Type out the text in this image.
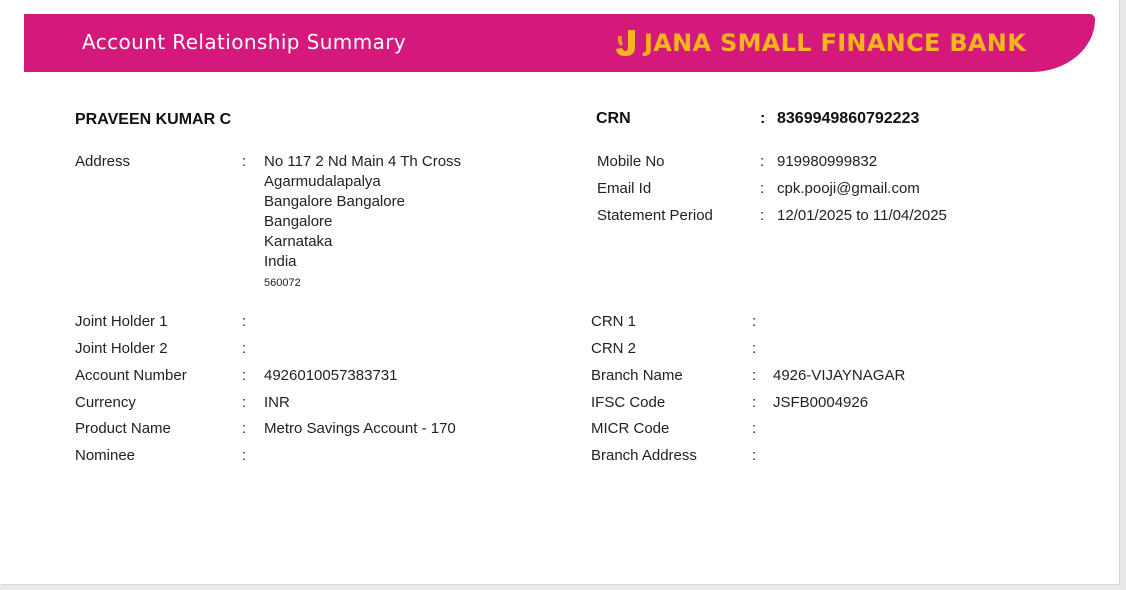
Account Relationship Summary	JANA SMALL FINANCE BANK
PRAVEEN KUMAR C	CRN	: 8369949860792223
Address	: No 117 2 Nd Main 4 Th Cross
Agarmudalapalya
Bangalore Bangalore
Bangalore
Karnataka
India
560072
Mobile No	: 919980999832
Email Id	: cpk.pooji@gmail.com
Statement Period	: 12/01/2025 to 11/04/2025
Joint Holder 1	:
Joint Holder 2	:
Account Number	: 4926010057383731
Currency	: INR
Product Name	: Metro Savings Account - 170
Nominee	:
CRN 1	:
CRN 2	:
Branch Name	: 4926-VIJAYNAGAR
IFSC Code	: JSFB0004926
MICR Code	:
Branch Address	:
